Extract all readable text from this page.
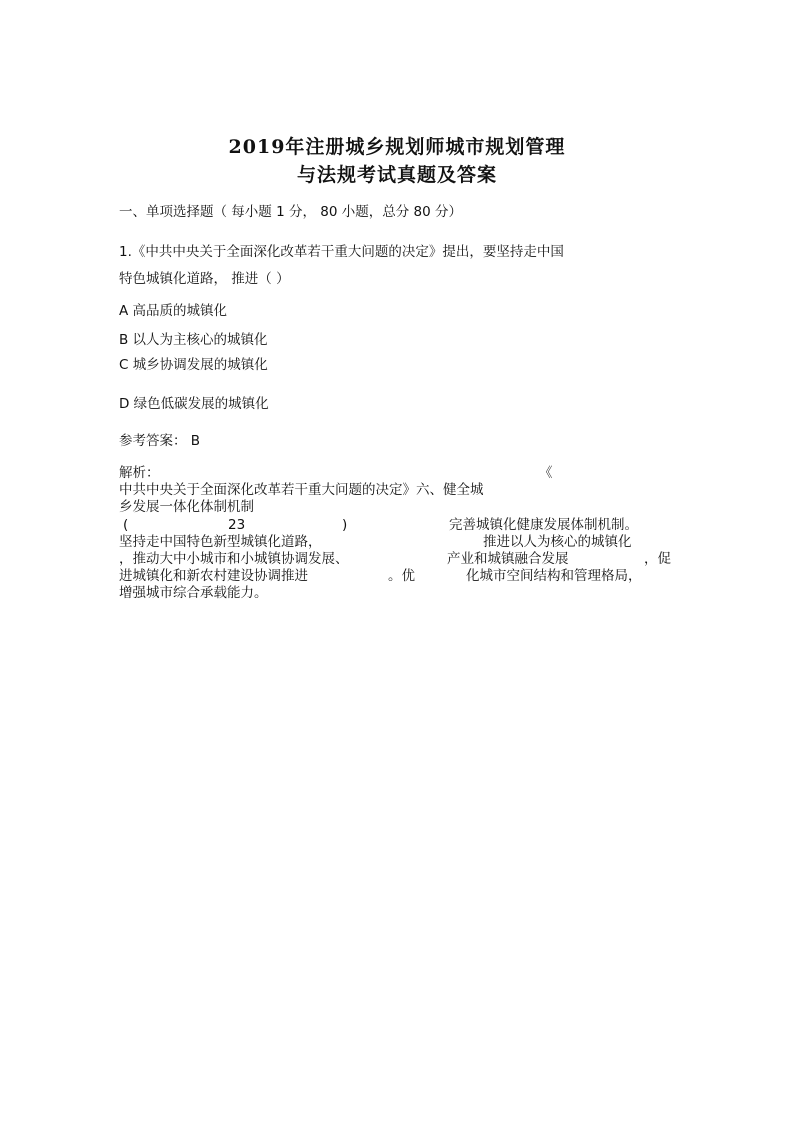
2019年注册城乡规划师城市规划管理
与法规考试真题及答案
一、单项选择题（ 每小题 1 分， 80 小题，总分 80 分）
1.《中共中央关于全面深化改革若干重大问题的决定》提出，要坚持走中国
特色城镇化道路， 推进（ ）
A 高品质的城镇化
B 以人为主核心的城镇化
C 城乡协调发展的城镇化
D 绿色低碳发展的城镇化
参考答案： B
解析：	《
中共中央关于全面深化改革若干重大问题的决定》六、健全城
乡发展一体化体制机制
(	23	)	完善城镇化健康发展体制机制。
坚持走中国特色新型城镇化道路，	推进以人为核心的城镇化
，推动大中小城市和小城镇协调发展、	产业和城镇融合发展	，促
进城镇化和新农村建设协调推进	。优	化城市空间结构和管理格局，
增强城市综合承载能力。
